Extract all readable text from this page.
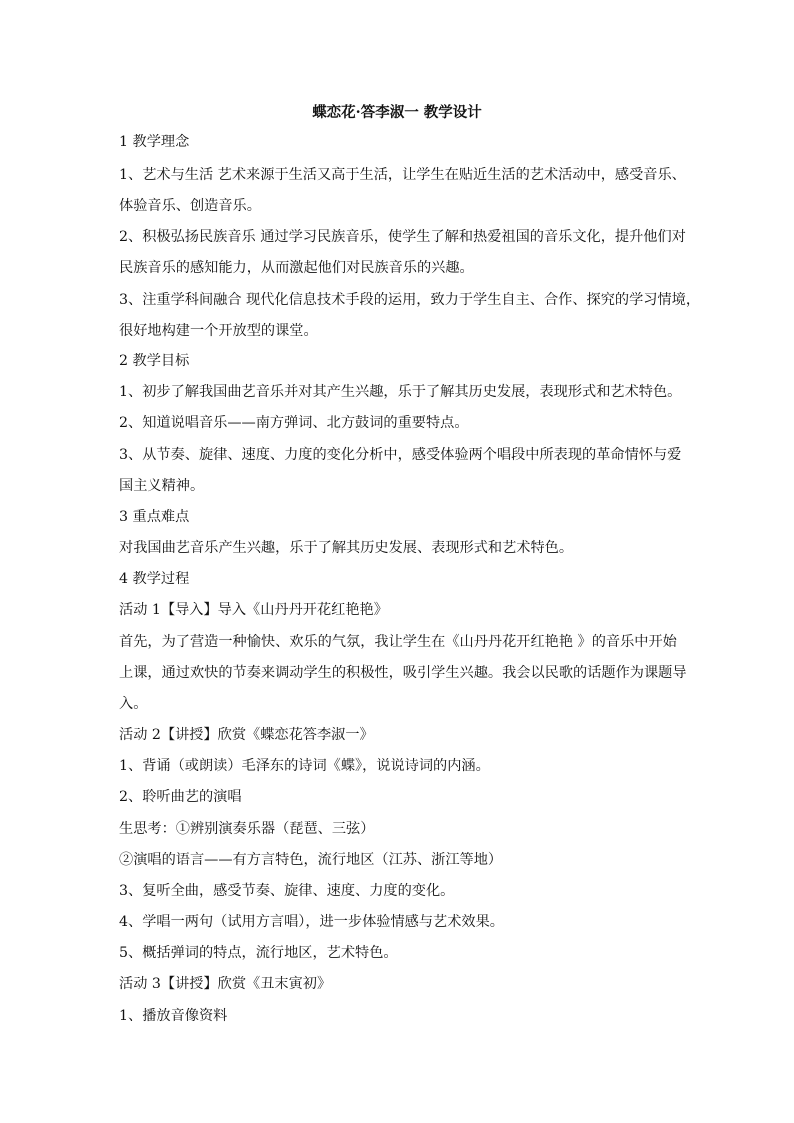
蝶恋花·答李淑一 教学设计
1 教学理念
1、艺术与生活 艺术来源于生活又高于生活，让学生在贴近生活的艺术活动中，感受音乐、
体验音乐、创造音乐。
2、积极弘扬民族音乐 通过学习民族音乐，使学生了解和热爱祖国的音乐文化，提升他们对
民族音乐的感知能力，从而激起他们对民族音乐的兴趣。
3、注重学科间融合 现代化信息技术手段的运用，致力于学生自主、合作、探究的学习情境，
很好地构建一个开放型的课堂。
2 教学目标
1、初步了解我国曲艺音乐并对其产生兴趣，乐于了解其历史发展，表现形式和艺术特色。
2、知道说唱音乐——南方弹词、北方鼓词的重要特点。
3、从节奏、旋律、速度、力度的变化分析中，感受体验两个唱段中所表现的革命情怀与爱
国主义精神。
3 重点难点
对我国曲艺音乐产生兴趣，乐于了解其历史发展、表现形式和艺术特色。
4 教学过程
活动 1【导入】导入《山丹丹开花红艳艳》
首先，为了营造一种愉快、欢乐的气氛，我让学生在《山丹丹花开红艳艳 》的音乐中开始
上课，通过欢快的节奏来调动学生的积极性，吸引学生兴趣。我会以民歌的话题作为课题导
入。
活动 2【讲授】欣赏《蝶恋花答李淑一》
1、背诵（或朗读）毛泽东的诗词《蝶》，说说诗词的内涵。
2、聆听曲艺的演唱
生思考：①辨别演奏乐器（琵琶、三弦）
②演唱的语言——有方言特色，流行地区（江苏、浙江等地）
3、复听全曲，感受节奏、旋律、速度、力度的变化。
4、学唱一两句（试用方言唱），进一步体验情感与艺术效果。
5、概括弹词的特点，流行地区，艺术特色。
活动 3【讲授】欣赏《丑末寅初》
1、播放音像资料
